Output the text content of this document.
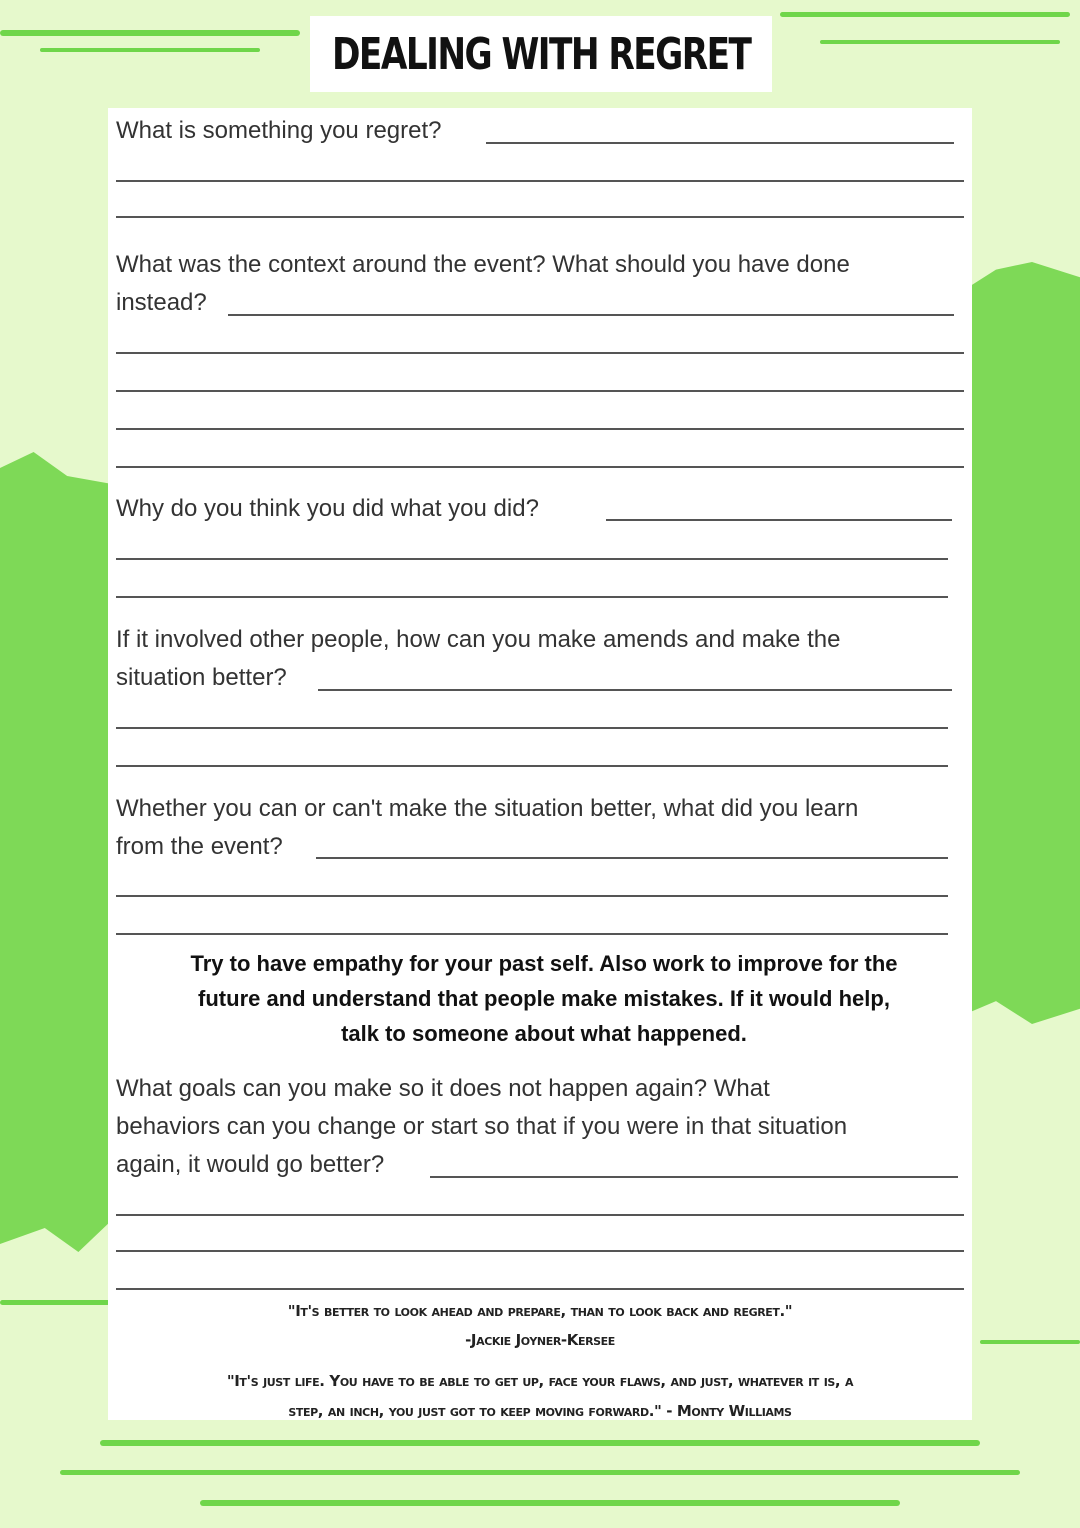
DEALING WITH REGRET
What is something you regret?
What was the context around the event? What should you have done
instead?
Why do you think you did what you did?
If it involved other people, how can you make amends and make the
situation better?
Whether you can or can't make the situation better, what did you learn
from the event?
Try to have empathy for your past self. Also work to improve for the
future and understand that people make mistakes. If it would help,
talk to someone about what happened.
What goals can you make so it does not happen again? What
behaviors can you change or start so that if you were in that situation
again, it would go better?
"It's better to look ahead and prepare, than to look back and regret."
-Jackie Joyner-Kersee
"It's just life. You have to be able to get up, face your flaws, and just, whatever it is, a
step, an inch, you just got to keep moving forward." - Monty Williams
